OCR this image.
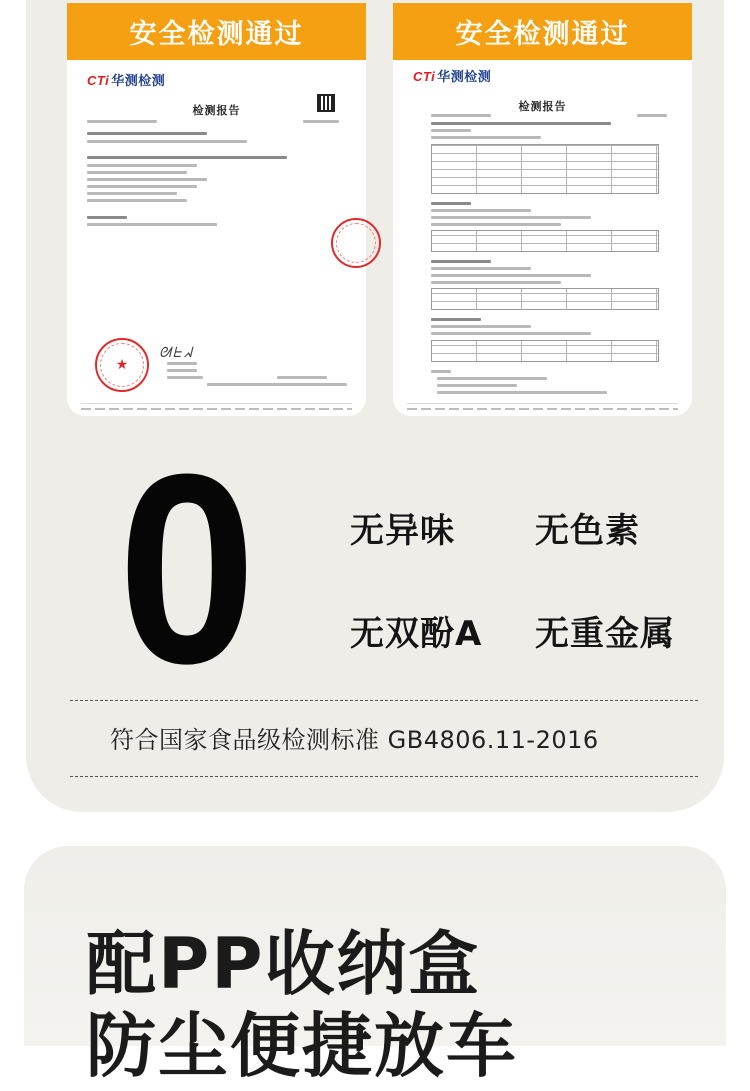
安全检测通过
CTi 华测检测
检测报告
★
ᘛᖶᖽ
安全检测通过
CTi 华测检测
检测报告
0	无异味 无色素
无双酚A 无重金属
符合国家食品级检测标准 GB4806.11-2016
配PP收纳盒
防尘便捷放车
